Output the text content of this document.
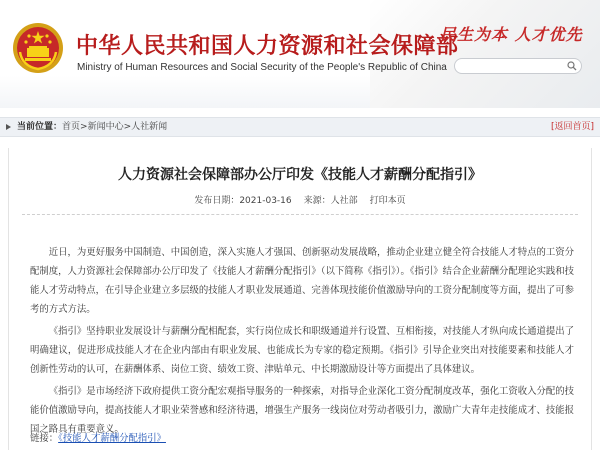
中华人民共和国人力资源和社会保障部
Ministry of Human Resources and Social Security of the People's Republic of China
民生为本 人才优先
当前位置： 首页>新闻中心>人社新闻	[返回首页]
人力资源社会保障部办公厅印发《技能人才薪酬分配指引》
发布日期：2021-03-16 来源：人社部 打印本页

近日，为更好服务中国制造、中国创造，深入实施人才强国、创新驱动发展战略，推动企业建立健全符合技能人才特点的工资分配制度，人力资源社会保障部办公厅印发了《技能人才薪酬分配指引》（以下简称《指引》）。《指引》结合企业薪酬分配理论实践和技能人才劳动特点，在引导企业建立多层级的技能人才职业发展通道、完善体现技能价值激励导向的工资分配制度等方面，提出了可参考的方式方法。

《指引》坚持职业发展设计与薪酬分配相配套，实行岗位成长和职级通道并行设置、互相衔接，对技能人才纵向成长通道提出了明确建议，促进形成技能人才在企业内部由有职业发展、也能成长为专家的稳定预期。《指引》引导企业突出对技能要素和技能人才创新性劳动的认可，在薪酬体系、岗位工资、绩效工资、津贴单元、中长期激励设计等方面提出了具体建议。

《指引》是市场经济下政府提供工资分配宏观指导服务的一种探索，对指导企业深化工资分配制度改革，强化工资收入分配的技能价值激励导向，提高技能人才职业荣誉感和经济待遇，增强生产服务一线岗位对劳动者吸引力，激励广大青年走技能成才、技能报国之路具有重要意义。

链接：《技能人才薪酬分配指引》
